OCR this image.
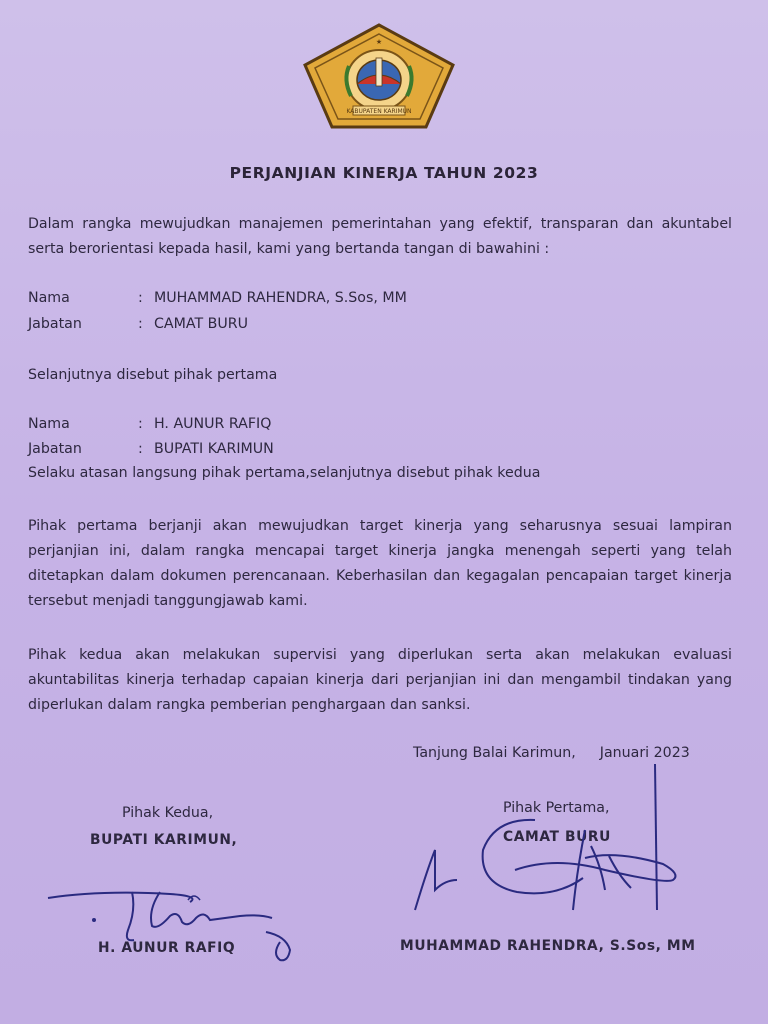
KABUPATEN KARIMUN
★
PERJANJIAN KINERJA TAHUN 2023
Dalam rangka mewujudkan manajemen pemerintahan yang efektif, transparan dan akuntabel serta berorientasi kepada hasil, kami yang bertanda tangan di bawahini :
Nama	: MUHAMMAD RAHENDRA, S.Sos, MM
Jabatan	: CAMAT BURU
Selanjutnya disebut pihak pertama
Nama	: H. AUNUR RAFIQ
Jabatan	: BUPATI KARIMUN
Selaku atasan langsung pihak pertama,selanjutnya disebut pihak kedua
Pihak pertama berjanji akan mewujudkan target kinerja yang seharusnya sesuai lampiran perjanjian ini, dalam rangka mencapai target kinerja jangka menengah seperti yang telah ditetapkan dalam dokumen perencanaan. Keberhasilan dan kegagalan pencapaian target kinerja tersebut menjadi tanggungjawab kami.
Pihak kedua akan melakukan supervisi yang diperlukan serta akan melakukan evaluasi akuntabilitas kinerja terhadap capaian kinerja dari perjanjian ini dan mengambil tindakan yang diperlukan dalam rangka pemberian penghargaan dan sanksi.
Tanjung Balai Karimun, Januari 2023
Pihak Kedua,
BUPATI KARIMUN,
H. AUNUR RAFIQ
Pihak Pertama,
CAMAT BURU
MUHAMMAD RAHENDRA, S.Sos, MM
